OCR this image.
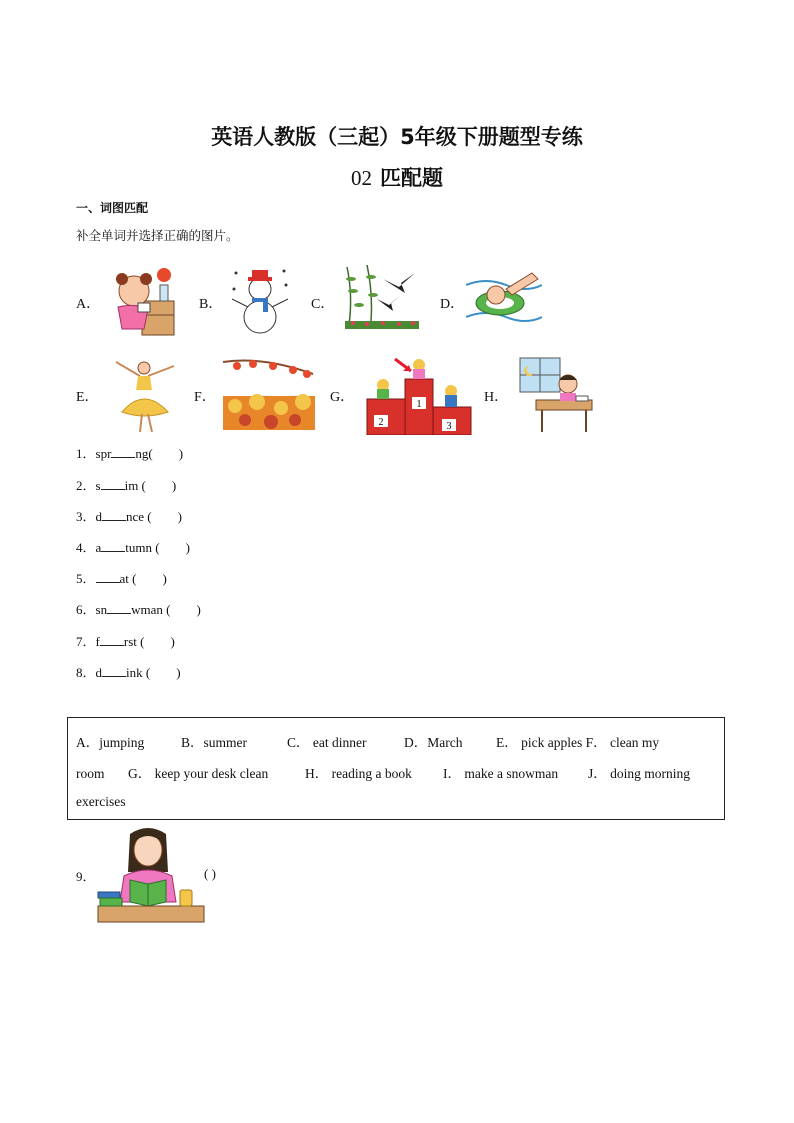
英语人教版（三起）5年级下册题型专练
02 匹配题
一、词图匹配
补全单词并选择正确的图片。
A．	B．	C．	D．
E．	F．	G．	1
2	3
H．
1．spr ng( )
2．s im ( )
3．d nce ( )
4．a tumn ( )
5． at ( )
6．sn wman ( )
7．f rst ( )
8．d ink ( )
A．jumping	B．summer	C． eat dinner	D．March E． pick apples F． clean my
room G． keep your desk clean	H． reading a book I． make a snowman J． doing morning
exercises
9．	( )
